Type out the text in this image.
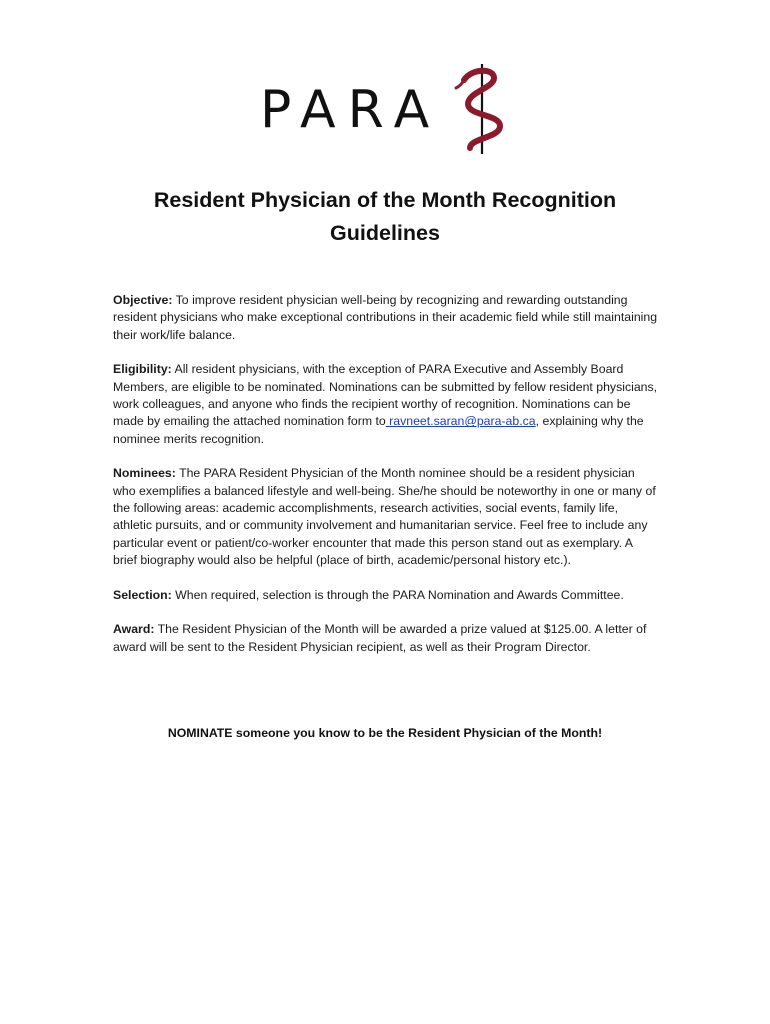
PARA
Resident Physician of the Month Recognition
Guidelines

Objective: To improve resident physician well-being by recognizing and rewarding outstanding resident physicians who make exceptional contributions in their academic field while still maintaining their work/life balance.

Eligibility: All resident physicians, with the exception of PARA Executive and Assembly Board Members, are eligible to be nominated. Nominations can be submitted by fellow resident physicians, work colleagues, and anyone who finds the recipient worthy of recognition. Nominations can be made by emailing the attached nomination form to ravneet.saran@para-ab.ca, explaining why the nominee merits recognition.

Nominees: The PARA Resident Physician of the Month nominee should be a resident physician who exemplifies a balanced lifestyle and well-being. She/he should be noteworthy in one or many of the following areas: academic accomplishments, research activities, social events, family life, athletic pursuits, and or community involvement and humanitarian service. Feel free to include any particular event or patient/co-worker encounter that made this person stand out as exemplary. A brief biography would also be helpful (place of birth, academic/personal history etc.).

Selection: When required, selection is through the PARA Nomination and Awards Committee.

Award: The Resident Physician of the Month will be awarded a prize valued at $125.00. A letter of award will be sent to the Resident Physician recipient, as well as their Program Director.

NOMINATE someone you know to be the Resident Physician of the Month!
